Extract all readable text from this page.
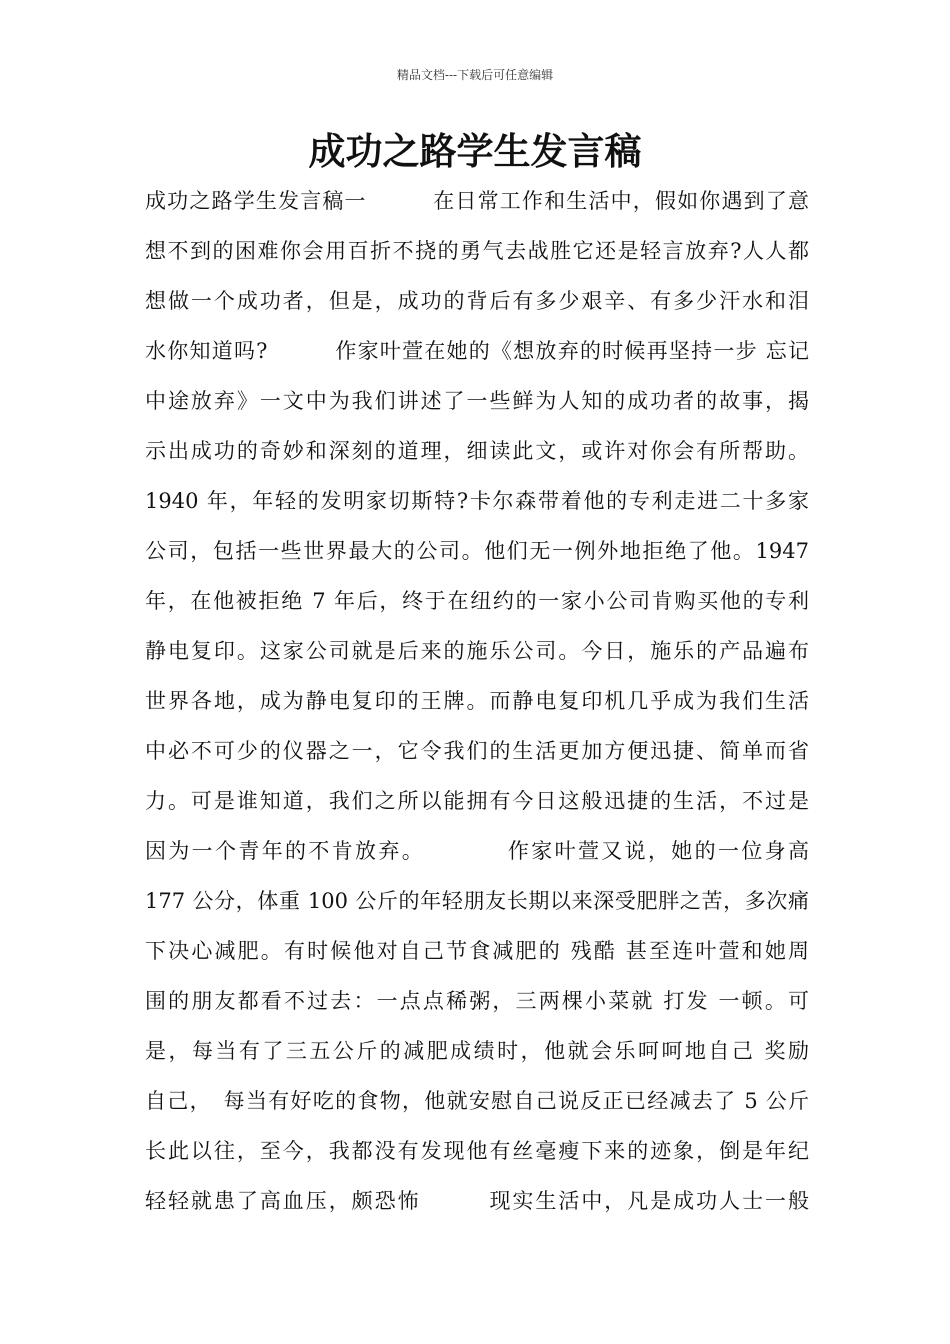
精品文档---下载后可任意编辑
成功之路学生发言稿
成功之路学生发言稿一　　　在日常工作和生活中，假如你遇到了意
想不到的困难你会用百折不挠的勇气去战胜它还是轻言放弃?人人都
想做一个成功者，但是，成功的背后有多少艰辛、有多少汗水和泪
水你知道吗?　　　作家叶萱在她的《想放弃的时候再坚持一步 忘记
中途放弃》一文中为我们讲述了一些鲜为人知的成功者的故事，揭
示出成功的奇妙和深刻的道理，细读此文，或许对你会有所帮助。
1940 年，年轻的发明家切斯特?卡尔森带着他的专利走进二十多家
公司，包括一些世界最大的公司。他们无一例外地拒绝了他。1947
年，在他被拒绝 7 年后，终于在纽约的一家小公司肯购买他的专利
静电复印。这家公司就是后来的施乐公司。今日，施乐的产品遍布
世界各地，成为静电复印的王牌。而静电复印机几乎成为我们生活
中必不可少的仪器之一，它令我们的生活更加方便迅捷、简单而省
力。可是谁知道，我们之所以能拥有今日这般迅捷的生活，不过是
因为一个青年的不肯放弃。　　　　作家叶萱又说，她的一位身高
177 公分，体重 100 公斤的年轻朋友长期以来深受肥胖之苦，多次痛
下决心减肥。有时候他对自己节食减肥的 残酷 甚至连叶萱和她周
围的朋友都看不过去：一点点稀粥，三两棵小菜就 打发 一顿。可
是，每当有了三五公斤的减肥成绩时，他就会乐呵呵地自己 奖励
自己，　每当有好吃的食物，他就安慰自己说反正已经减去了 5 公斤
长此以往，至今，我都没有发现他有丝毫瘦下来的迹象，倒是年纪
轻轻就患了高血压，颇恐怖　　　现实生活中，凡是成功人士一般
